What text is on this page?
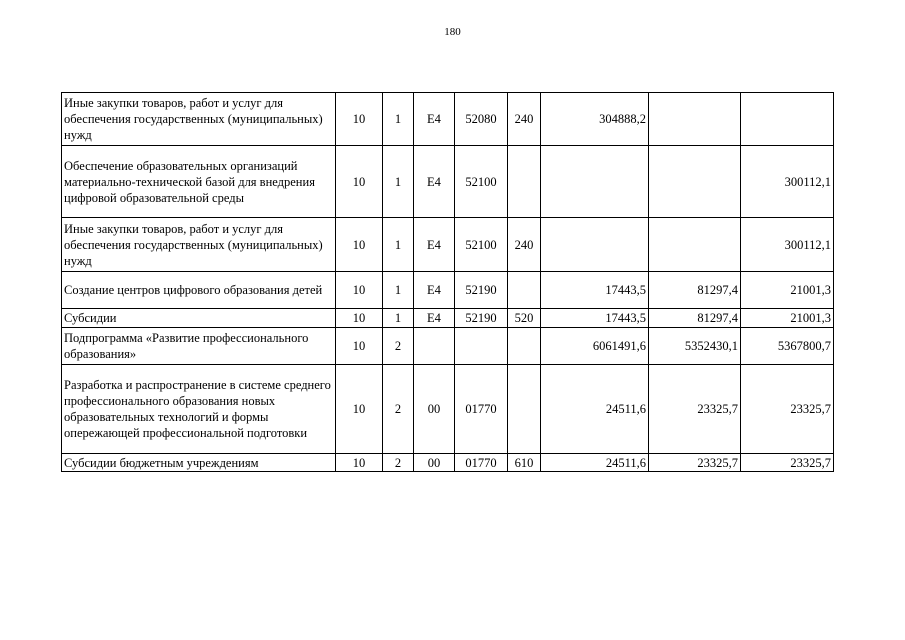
180
Иные закупки товаров, работ и услуг для обеспечения государственных (муниципальных) нужд	10	1	Е4	52080	240	304888,2		
Обеспечение образовательных организаций материально-технической базой для внедрения цифровой образовательной среды	10	1	Е4	52100				300112,1
Иные закупки товаров, работ и услуг для обеспечения государственных (муниципальных) нужд	10	1	Е4	52100	240			300112,1
Создание центров цифрового образования детей	10	1	Е4	52190		17443,5	81297,4	21001,3
Субсидии	10	1	Е4	52190	520	17443,5	81297,4	21001,3
Подпрограмма «Развитие профессионального образования»	10	2				6061491,6	5352430,1	5367800,7
Разработка и распространение в системе среднего профессионального образования новых образовательных технологий и формы опережающей профессиональной подготовки	10	2	00	01770		24511,6	23325,7	23325,7
Субсидии бюджетным учреждениям	10	2	00	01770	610	24511,6	23325,7	23325,7
